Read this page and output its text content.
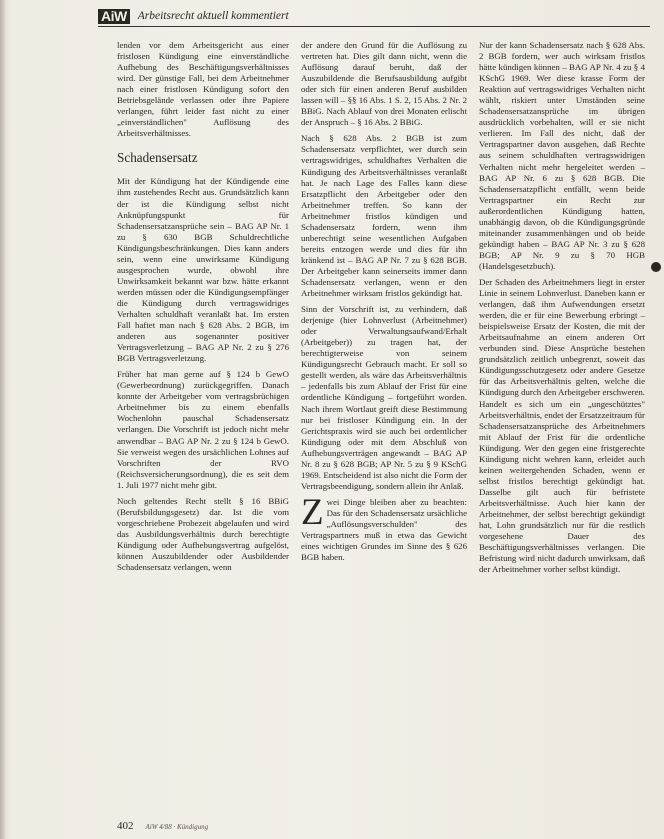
AiW Arbeitsrecht aktuell kommentiert

lenden vor dem Arbeitsgericht aus einer fristlosen Kündigung eine einverständliche Aufhebung des Beschäftigungsverhältnisses wird. Der günstige Fall, bei dem Arbeitnehmer nach einer fristlosen Kündigung sofort den Betriebsgelände verlassen oder ihre Papiere verlangen, führt leider fast nicht zu einer „einverständlichen" Auflösung des Arbeitsverhältnisses.

Schadensersatz

Mit der Kündigung hat der Kündigende eine ihm zustehendes Recht aus. Grundsätzlich kann der ist die Kündigung selbst nicht Anknüpfungspunkt für Schadensersatzansprüche sein – BAG AP Nr. 1 zu § 630 BGB Schuldrechtliche Kündigungsbeschränkungen. Dies kann anders sein, wenn eine unwirksame Kündigung ausgesprochen wurde, obwohl ihre Unwirksamkeit bekannt war bzw. hätte erkannt werden müssen oder die Kündigungsempfänger die Kündigung durch vertragswidriges Verhalten schuldhaft veranlaßt hat. Im ersten Fall haftet man nach § 628 Abs. 2 BGB, im anderen aus sogenannter positiver Vertragsverletzung – BAG AP Nr. 2 zu § 276 BGB Vertragsverletzung.

Früher hat man gerne auf § 124 b GewO (Gewerbeordnung) zurückgegriffen. Danach konnte der Arbeitgeber vom vertragsbrüchigen Arbeitnehmer bis zu einem ebenfalls Wochenlohn pauschal Schadensersatz verlangen. Die Vorschrift ist jedoch nicht mehr anwendbar – BAG AP Nr. 2 zu § 124 b GewO. Sie verweist wegen des ursächlichen Lohnes auf Vorschriften der RVO (Reichsversicherungsordnung), die es seit dem 1. Juli 1977 nicht mehr gibt.

Noch geltendes Recht stellt § 16 BBiG (Berufsbildungsgesetz) dar. Ist die vom vorgeschriebene Probezeit abgelaufen und wird das Ausbildungsverhältnis durch berechtigte Kündigung oder Aufhebungsvertrag aufgelöst, können Auszubildender oder Ausbildender Schadensersatz verlangen, wenn

der andere den Grund für die Auflösung zu vertreten hat. Dies gilt dann nicht, wenn die Auflösung darauf beruht, daß der Auszubildende die Berufsausbildung aufgibt oder sich für einen anderen Beruf ausbilden lassen will – §§ 16 Abs. 1 S. 2, 15 Abs. 2 Nr. 2 BBiG. Nach Ablauf von drei Monaten erlischt der Anspruch – § 16 Abs. 2 BBiG.

Nach § 628 Abs. 2 BGB ist zum Schadensersatz verpflichtet, wer durch sein vertragswidriges, schuldhaftes Verhalten die Kündigung des Arbeitsverhältnisses veranlaßt hat. Je nach Lage des Falles kann diese Ersatzpflicht den Arbeitgeber oder den Arbeitnehmer treffen. So kann der Arbeitnehmer fristlos kündigen und Schadensersatz fordern, wenn ihm unberechtigt seine wesentlichen Aufgaben bereits entzogen werde und dies für ihn kränkend ist – BAG AP Nr. 7 zu § 628 BGB. Der Arbeitgeber kann seinerseits immer dann Schadensersatz verlangen, wenn er den Arbeitnehmer wirksam fristlos gekündigt hat.

Sinn der Vorschrift ist, zu verhindern, daß derjenige (hier Lohnverlust (Arbeitnehmer) oder Verwaltungsaufwand/Erhalt (Arbeitgeber)) zu tragen hat, der berechtigterweise von seinem Kündigungsrecht Gebrauch macht. Er soll so gestellt werden, als wäre das Arbeitsverhältnis – jedenfalls bis zum Ablauf der Frist für eine ordentliche Kündigung – fortgeführt worden. Nach ihrem Wortlaut greift diese Bestimmung nur bei fristloser Kündigung ein. In der Gerichtspraxis wird sie auch bei ordentlicher Kündigung oder mit dem Abschluß von Aufhebungsverträgen angewandt – BAG AP Nr. 8 zu § 628 BGB; AP Nr. 5 zu § 9 KSchG 1969. Entscheidend ist also nicht die Form der Vertragsbeendigung, sondern allein ihr Anlaß.

Zwei Dinge bleiben aber zu beachten: Das für den Schadensersatz ursächliche „Auflösungsverschulden" des Vertragspartners muß in etwa das Gewicht eines wichtigen Grundes im Sinne des § 626 BGB haben.

Nur der kann Schadensersatz nach § 628 Abs. 2 BGB fordern, wer auch wirksam fristlos hätte kündigen können – BAG AP Nr. 4 zu § 4 KSchG 1969. Wer diese krasse Form der Reaktion auf vertragswidriges Verhalten nicht wählt, riskiert unter Umständen seine Schadensersatzansprüche im übrigen ausdrücklich vorbehalten, will er sie nicht verlieren. Im Fall des nicht, daß der Vertragspartner davon ausgehen, daß Rechte aus seinem schuldhaften vertragswidrigen Verhalten nicht mehr hergeleitet werden – BAG AP Nr. 6 zu § 628 BGB. Die Schadensersatzpflicht entfällt, wenn beide Vertragspartner ein Recht zur außerordentlichen Kündigung hatten, unabhängig davon, ob die Kündigungsgründe miteinander zusammenhängen und ob beide gekündigt haben – BAG AP Nr. 3 zu § 628 BGB; AP Nr. 9 zu § 70 HGB (Handelsgesetzbuch).

Der Schaden des Arbeitnehmers liegt in erster Linie in seinem Lohnverlust. Daneben kann er verlangen, daß ihm Aufwendungen ersetzt werden, die er für eine Bewerbung erbringt – beispielsweise Ersatz der Kosten, die mit der Arbeitsaufnahme an einem anderen Ort verbunden sind. Diese Ansprüche bestehen grundsätzlich zeitlich unbegrenzt, soweit das Kündigungsschutzgesetz oder andere Gesetze für das Arbeitsverhältnis gelten, welche die Kündigung durch den Arbeitgeber erschweren. Handelt es sich um ein „ungeschütztes" Arbeitsverhältnis, endet der Ersatzzeitraum für Schadensersatzansprüche des Arbeitnehmers mit Ablauf der Frist für die ordentliche Kündigung. Wer den gegen eine fristgerechte Kündigung nicht wehren kann, erleidet auch keinen weitergehenden Schaden, wenn er selbst fristlos berechtigt gekündigt hat. Dasselbe gilt auch für befristete Arbeitsverhältnisse. Auch hier kann der Arbeitnehmer, der selbst berechtigt gekündigt hat, Lohn grundsätzlich nur für die restlich vorgesehene Dauer des Beschäftigungsverhältnisses verlangen. Die Befristung wird nicht dadurch unwirksam, daß der Arbeitnehmer vorher selbst kündigt.

402 AiW 4/88 · Kündigung
